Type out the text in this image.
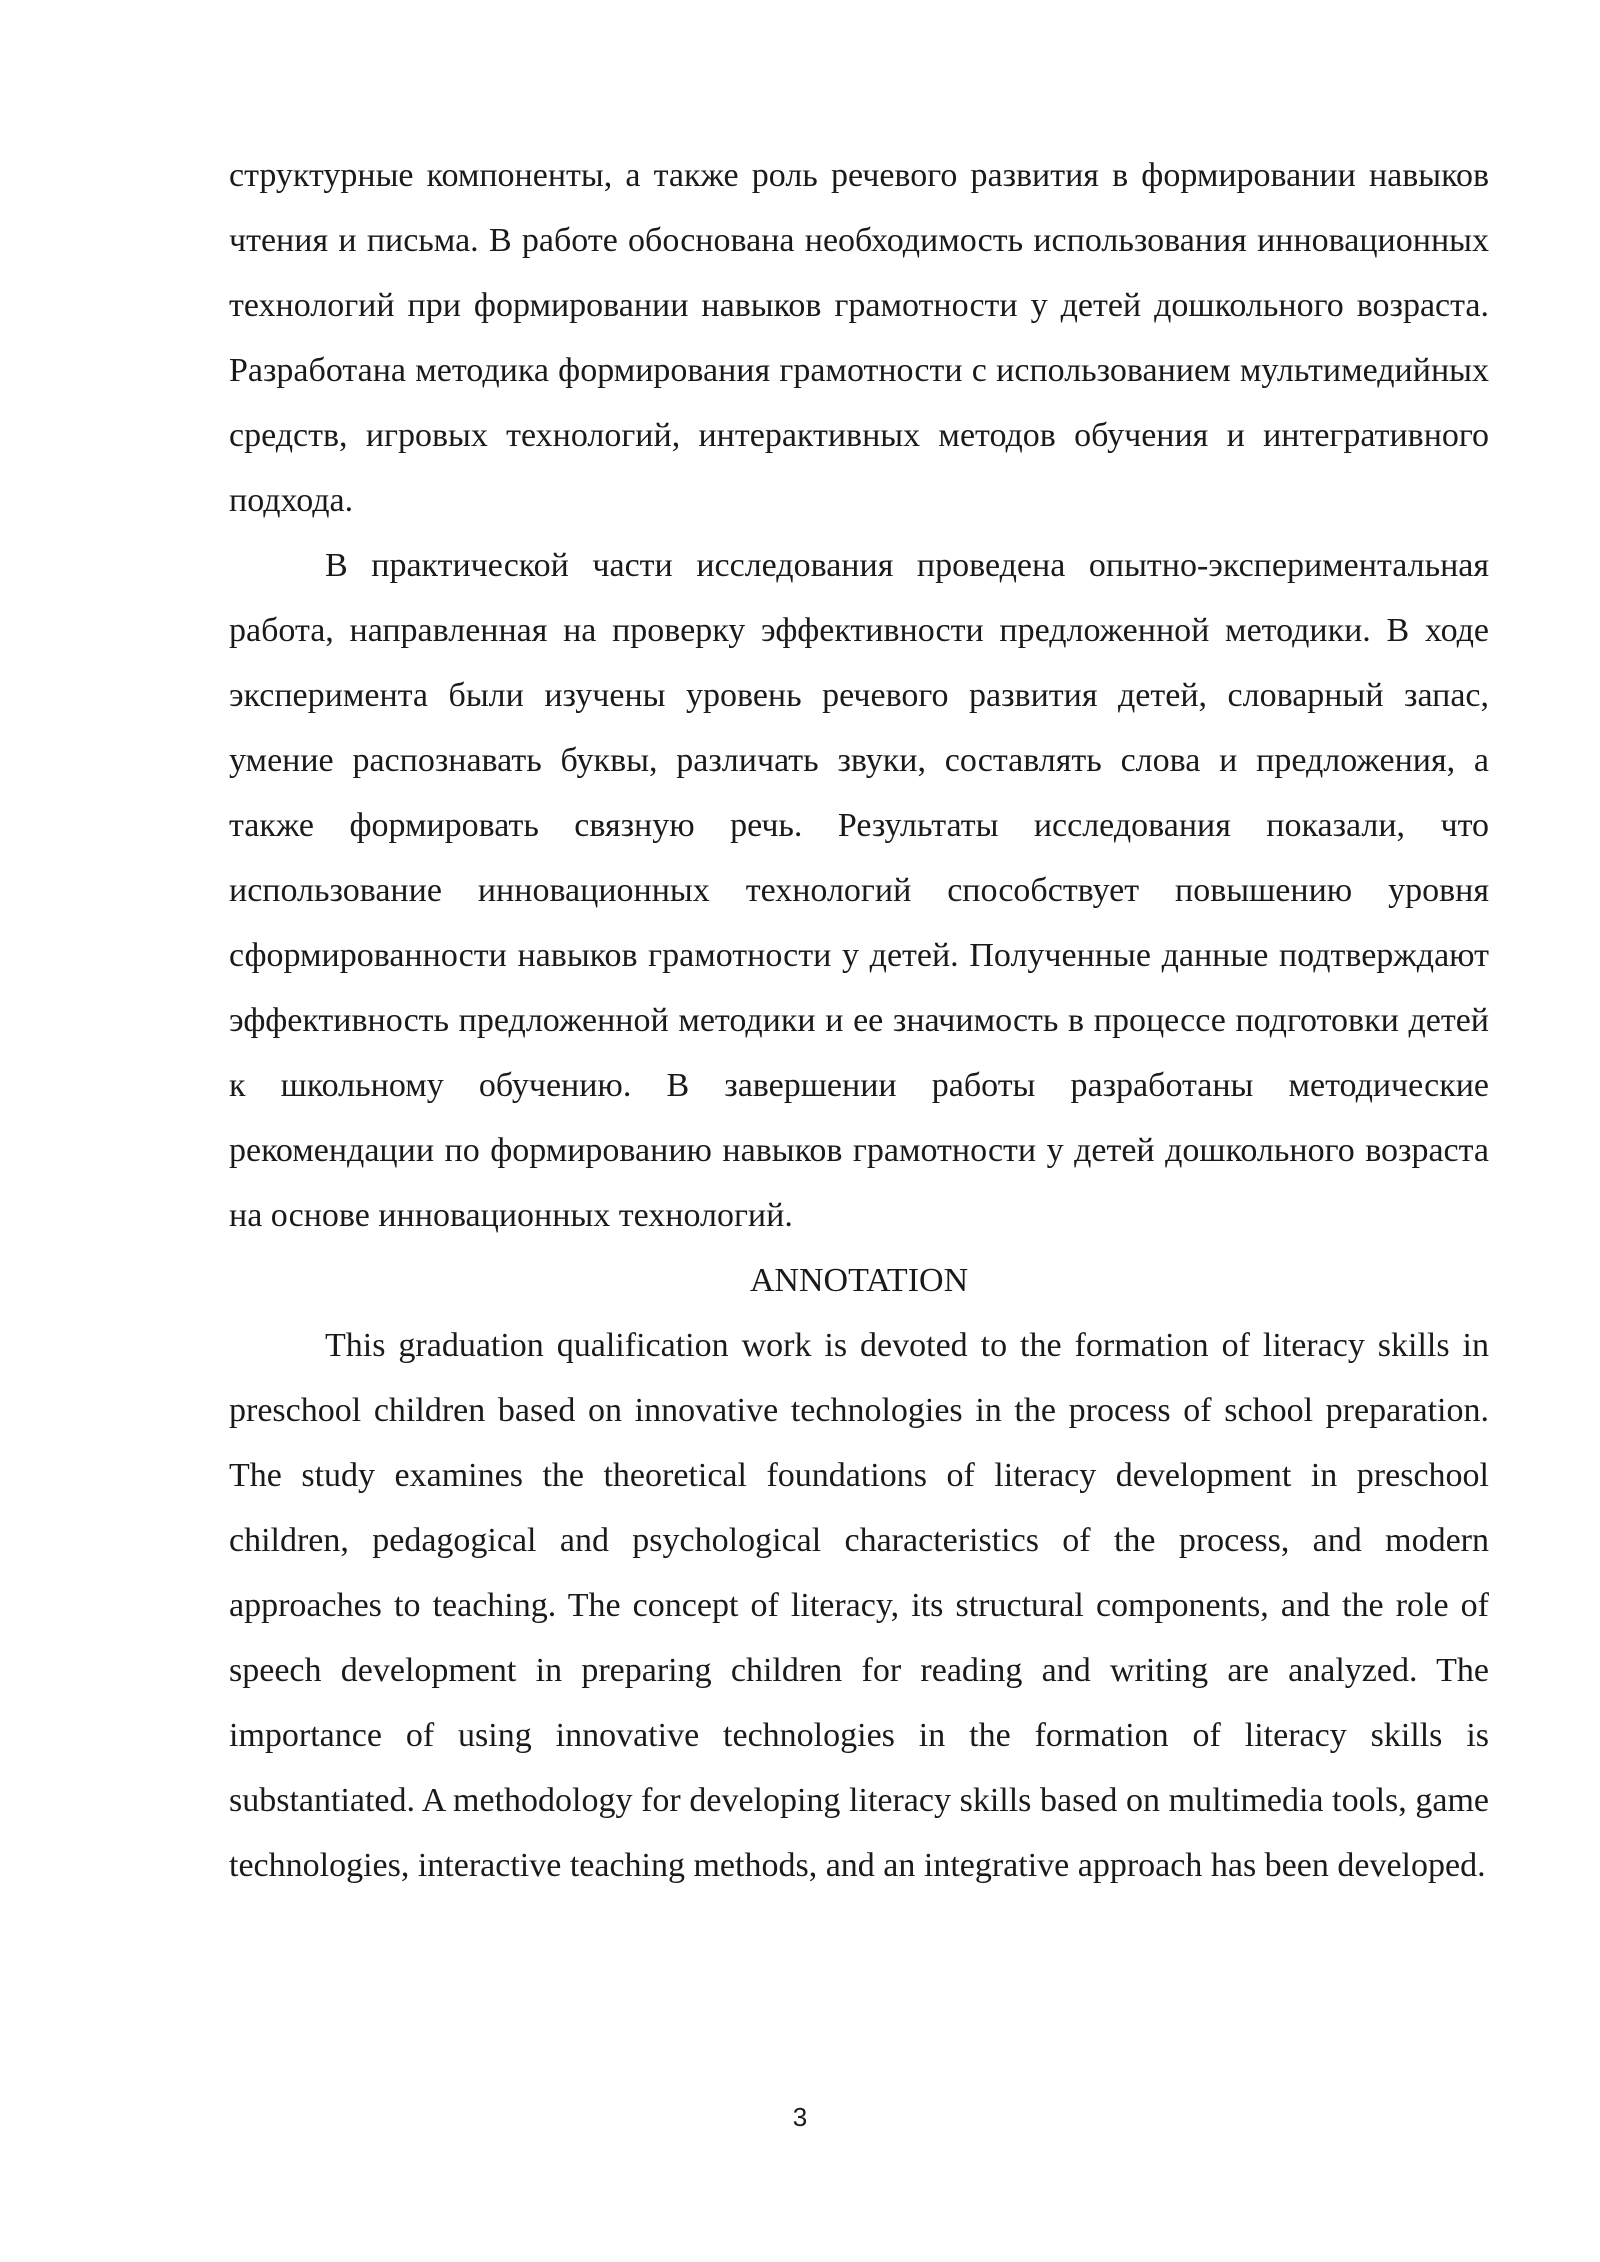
структурные компоненты, а также роль речевого развития в формировании навыков чтения и письма. В работе обоснована необходимость использования инновационных технологий при формировании навыков грамотности у детей дошкольного возраста. Разработана методика формирования грамотности с использованием мультимедийных средств, игровых технологий, интерактивных методов обучения и интегративного подхода.

В практической части исследования проведена опытно-экспериментальная работа, направленная на проверку эффективности предложенной методики. В ходе эксперимента были изучены уровень речевого развития детей, словарный запас, умение распознавать буквы, различать звуки, составлять слова и предложения, а также формировать связную речь. Результаты исследования показали, что использование инновационных технологий способствует повышению уровня сформированности навыков грамотности у детей. Полученные данные подтверждают эффективность предложенной методики и ее значимость в процессе подготовки детей к школьному обучению. В завершении работы разработаны методические рекомендации по формированию навыков грамотности у детей дошкольного возраста на основе инновационных технологий.

ANNOTATION

This graduation qualification work is devoted to the formation of literacy skills in preschool children based on innovative technologies in the process of school preparation. The study examines the theoretical foundations of literacy development in preschool children, pedagogical and psychological characteristics of the process, and modern approaches to teaching. The concept of literacy, its structural components, and the role of speech development in preparing children for reading and writing are analyzed. The importance of using innovative technologies in the formation of literacy skills is substantiated. A methodology for developing literacy skills based on multimedia tools, game technologies, interactive teaching methods, and an integrative approach has been developed.

3
